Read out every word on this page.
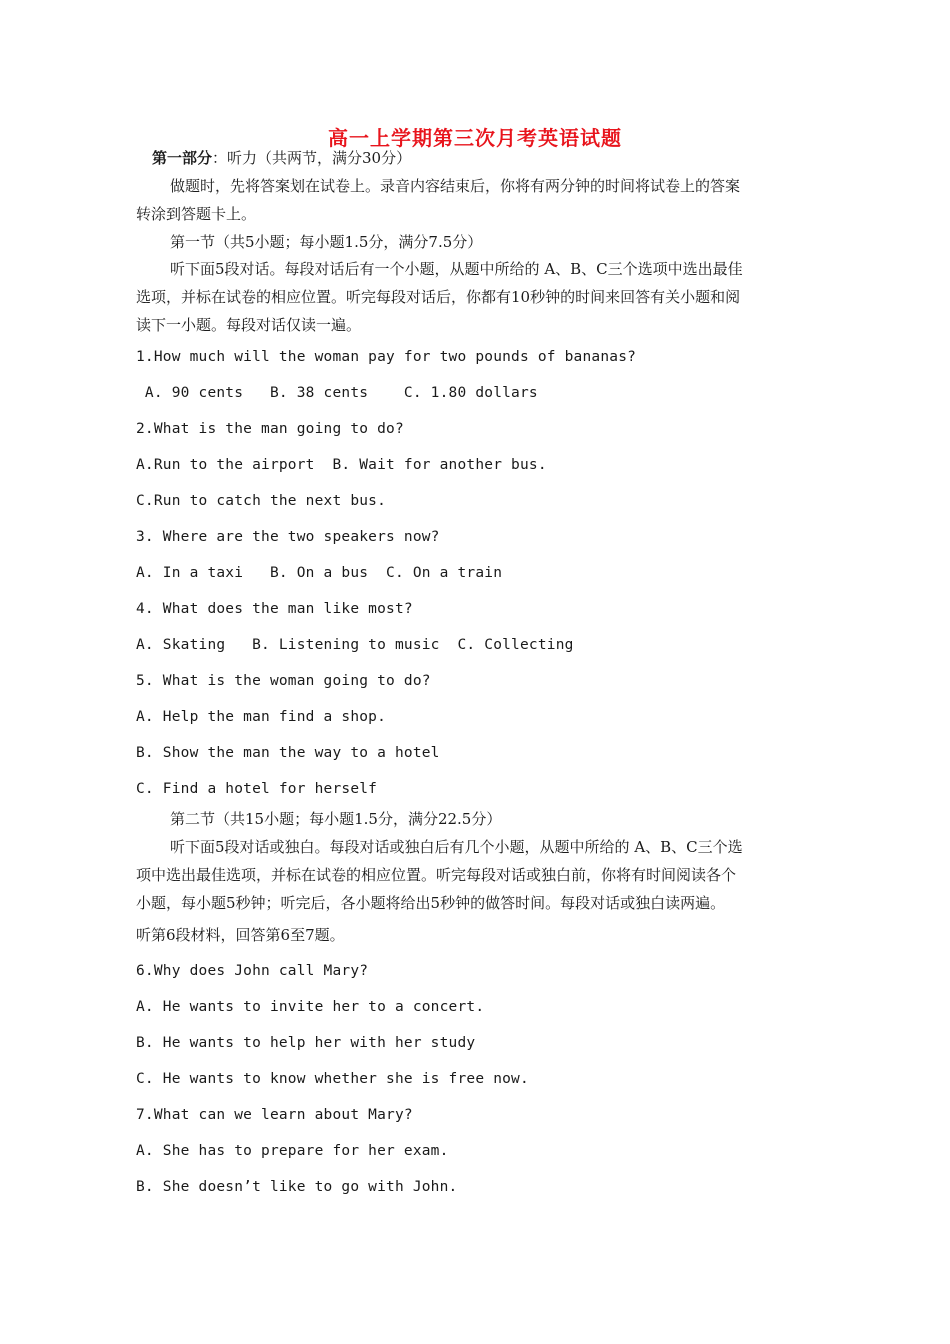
高一上学期第三次月考英语试题
第一部分：听力（共两节，满分30分）
做题时，先将答案划在试卷上。录音内容结束后，你将有两分钟的时间将试卷上的答案
转涂到答题卡上。
第一节（共5小题；每小题1.5分，满分7.5分）
听下面5段对话。每段对话后有一个小题，从题中所给的 A、B、C三个选项中选出最佳
选项，并标在试卷的相应位置。听完每段对话后，你都有10秒钟的时间来回答有关小题和阅
读下一小题。每段对话仅读一遍。
1.How much will the woman pay for two pounds of bananas?
A. 90 cents   B. 38 cents    C. 1.80 dollars
2.What is the man going to do?
A.Run to the airport  B. Wait for another bus.
C.Run to catch the next bus.
3. Where are the two speakers now?
A. In a taxi   B. On a bus  C. On a train
4. What does the man like most?
A. Skating   B. Listening to music  C. Collecting
5. What is the woman going to do?
A. Help the man find a shop.
B. Show the man the way to a hotel
C. Find a hotel for herself
第二节（共15小题；每小题1.5分，满分22.5分）
听下面5段对话或独白。每段对话或独白后有几个小题，从题中所给的 A、B、C三个选
项中选出最佳选项，并标在试卷的相应位置。听完每段对话或独白前，你将有时间阅读各个
小题，每小题5秒钟；听完后，各小题将给出5秒钟的做答时间。每段对话或独白读两遍。
听第6段材料，回答第6至7题。
6.Why does John call Mary?
A. He wants to invite her to a concert.
B. He wants to help her with her study
C. He wants to know whether she is free now.
7.What can we learn about Mary?
A. She has to prepare for her exam.
B. She doesn’t like to go with John.
